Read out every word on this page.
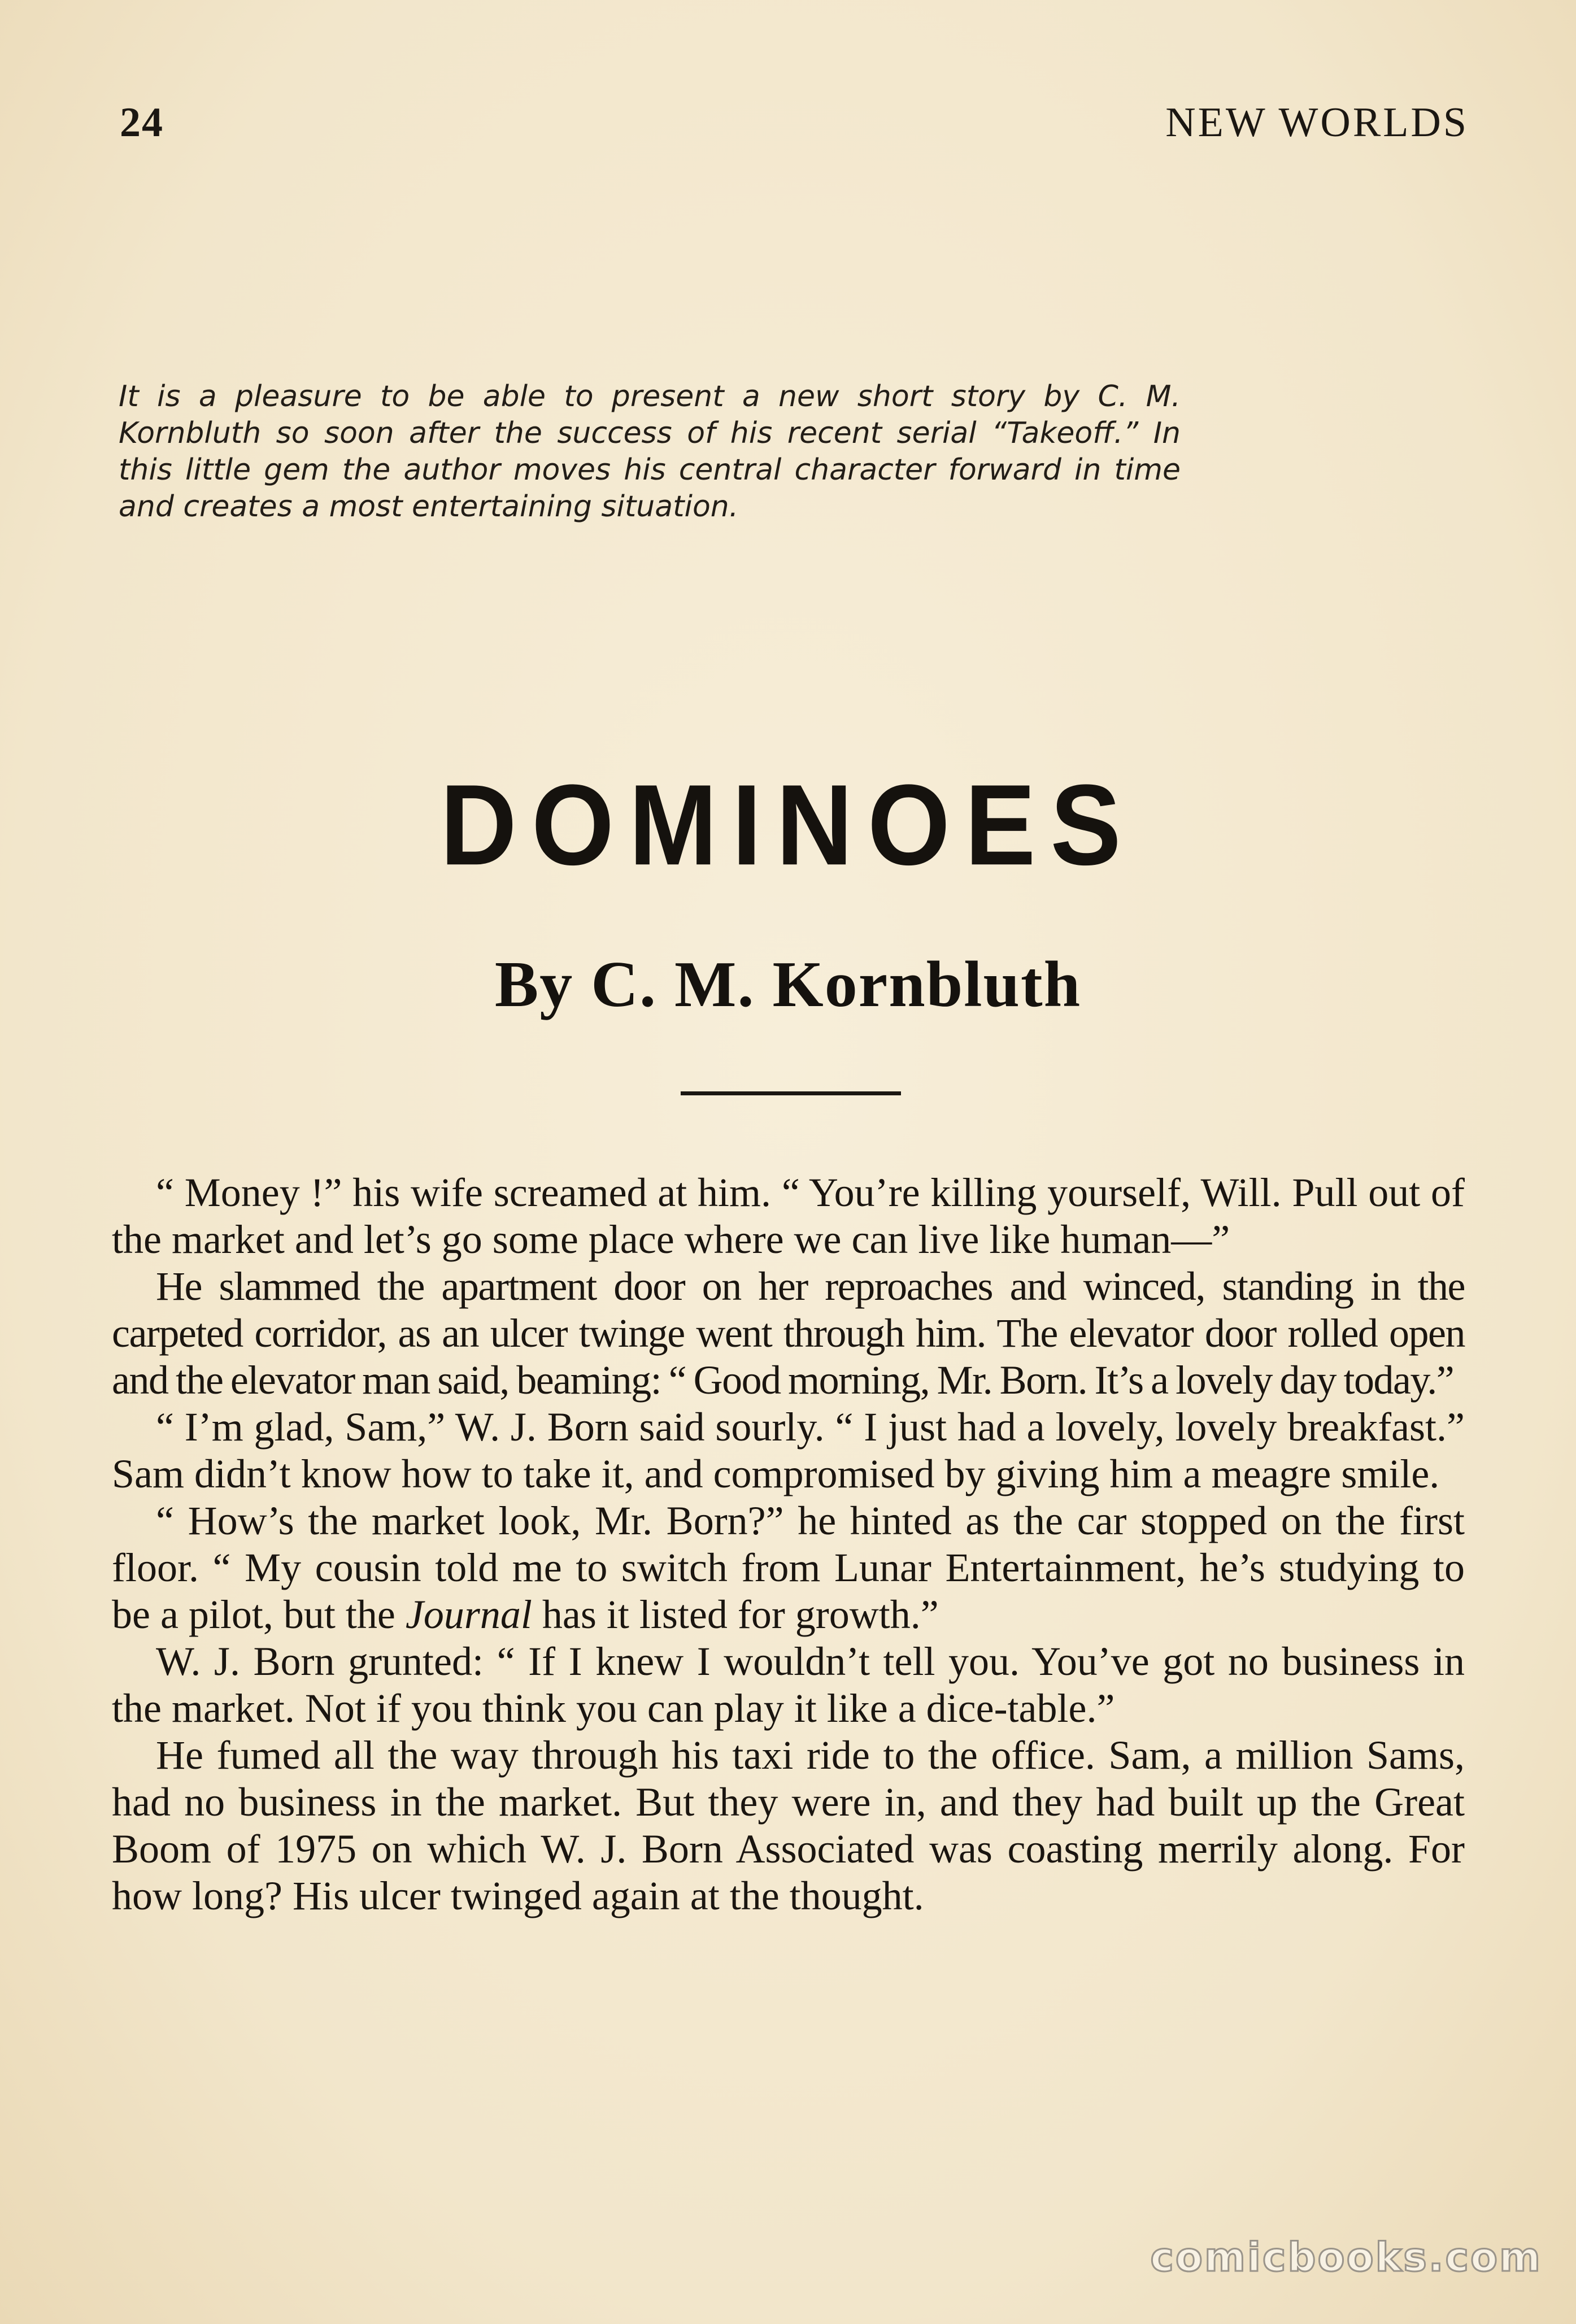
24	NEW WORLDS

It is a pleasure to be able to present a new short story by C. M. Kornbluth so soon after the success of his recent serial “Takeoff.” In this little gem the author moves his central character forward in time and creates a most entertaining situation.

DOMINOES
By C. M. Kornbluth

“ Money !” his wife screamed at him. “ You’re killing yourself, Will. Pull out of the market and let’s go some place where we can live like human—”

He slammed the apartment door on her reproaches and winced, standing in the carpeted corridor, as an ulcer twinge went through him. The elevator door rolled open and the elevator man said, beaming: “ Good morning, Mr. Born. It’s a lovely day today.”

“ I’m glad, Sam,” W. J. Born said sourly. “ I just had a lovely, lovely breakfast.” Sam didn’t know how to take it, and compromised by giving him a meagre smile.

“ How’s the market look, Mr. Born?” he hinted as the car stopped on the first floor. “ My cousin told me to switch from Lunar Entertainment, he’s studying to be a pilot, but the Journal has it listed for growth.”

W. J. Born grunted: “ If I knew I wouldn’t tell you. You’ve got no business in the market. Not if you think you can play it like a dice-table.”

He fumed all the way through his taxi ride to the office. Sam, a million Sams, had no business in the market. But they were in, and they had built up the Great Boom of 1975 on which W. J. Born Associated was coasting merrily along. For how long? His ulcer twinged again at the thought.

comicbooks.com
